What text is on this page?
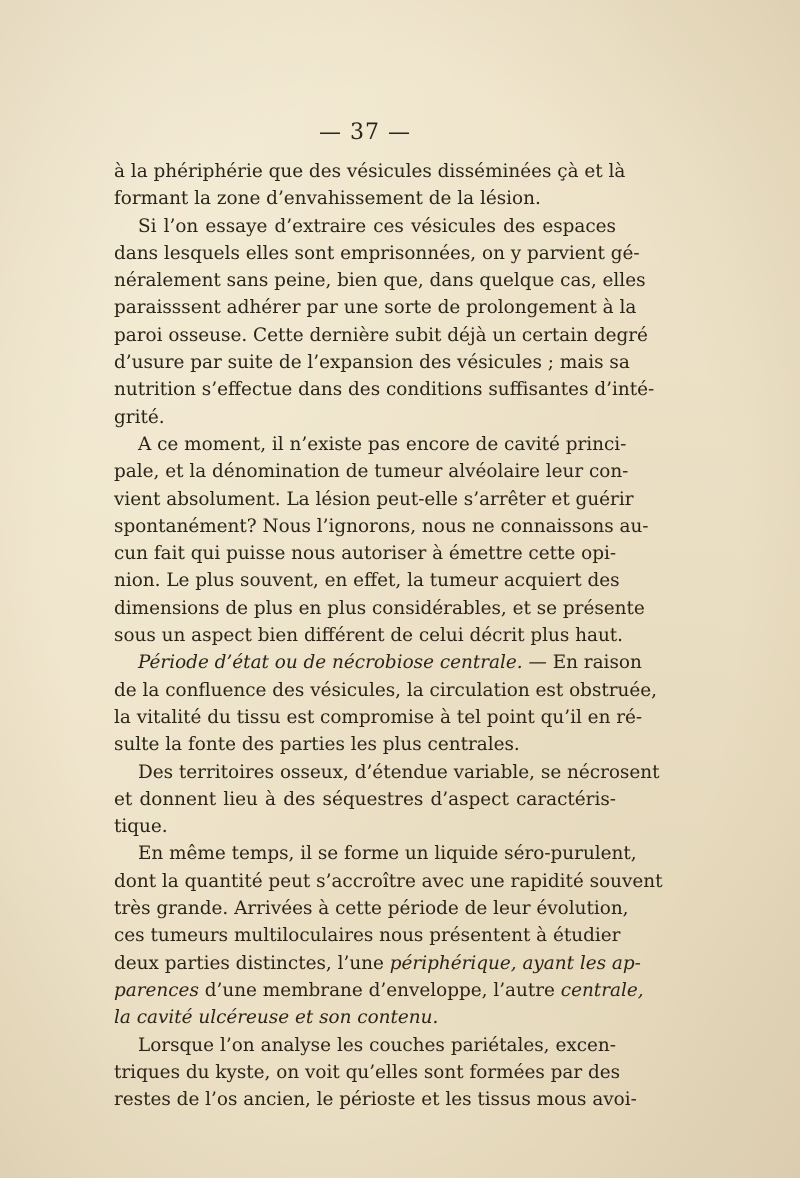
— 37 —
à la phériphérie que des vésicules disséminées çà et là
formant la zone d’envahissement de la lésion.
Si l’on essaye d’extraire ces vésicules des espaces
dans lesquels elles sont emprisonnées, on y parvient gé-
néralement sans peine, bien que, dans quelque cas, elles
paraisssent adhérer par une sorte de prolongement à la
paroi osseuse. Cette dernière subit déjà un certain degré
d’usure par suite de l’expansion des vésicules ; mais sa
nutrition s’effectue dans des conditions suffisantes d’inté-
grité.
A ce moment, il n’existe pas encore de cavité princi-
pale, et la dénomination de tumeur alvéolaire leur con-
vient absolument. La lésion peut-elle s’arrêter et guérir
spontanément? Nous l’ignorons, nous ne connaissons au-
cun fait qui puisse nous autoriser à émettre cette opi-
nion. Le plus souvent, en effet, la tumeur acquiert des
dimensions de plus en plus considérables, et se présente
sous un aspect bien différent de celui décrit plus haut.
Période d’état ou de nécrobiose centrale. — En raison
de la confluence des vésicules, la circulation est obstruée,
la vitalité du tissu est compromise à tel point qu’il en ré-
sulte la fonte des parties les plus centrales.
Des territoires osseux, d’étendue variable, se nécrosent
et donnent lieu à des séquestres d’aspect caractéris-
tique.
En même temps, il se forme un liquide séro-purulent,
dont la quantité peut s’accroître avec une rapidité souvent
très grande. Arrivées à cette période de leur évolution,
ces tumeurs multiloculaires nous présentent à étudier
deux parties distinctes, l’une périphérique, ayant les ap-
parences d’une membrane d’enveloppe, l’autre centrale,
la cavité ulcéreuse et son contenu.
Lorsque l’on analyse les couches pariétales, excen-
triques du kyste, on voit qu’elles sont formées par des
restes de l’os ancien, le périoste et les tissus mous avoi-
